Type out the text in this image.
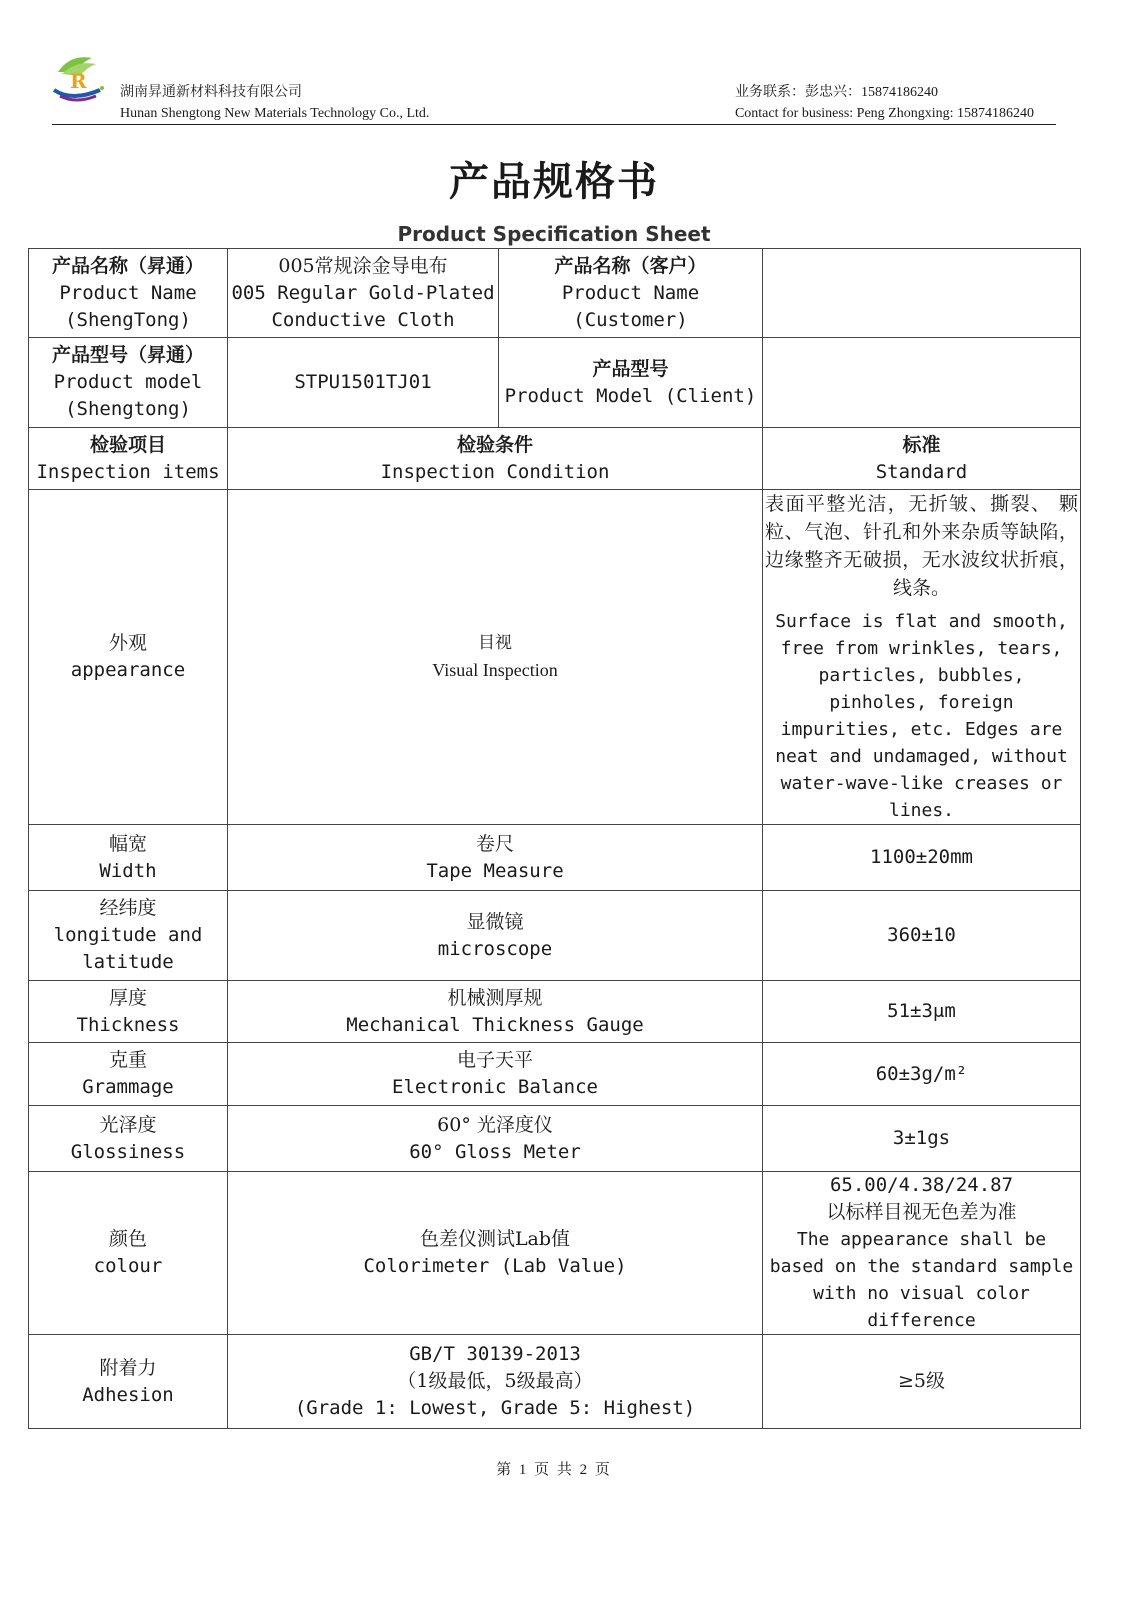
R 湖南昇通新材料科技有限公司
Hunan Shengtong New Materials Technology Co., Ltd.
业务联系：彭忠兴：15874186240
Contact for business: Peng Zhongxing: 15874186240
产品规格书
Product Specification Sheet
产品名称（昇通）
Product Name (ShengTong)	005常规涂金导电布
005 Regular Gold-Plated Conductive Cloth	产品名称（客户）
Product Name (Customer)	

产品型号（昇通）
Product model (Shengtong)	STPU1501TJ01	产品型号
Product Model (Client)	

检验项目
Inspection items	检验条件
Inspection Condition		标准
Standard

外观
appearance	目视
Visual Inspection		表面平整光洁，无折皱、撕裂、 颗粒、气泡、针孔和外来杂质等缺陷， 边缘整齐无破损，无水波纹状折痕，线条。
Surface is flat and smooth, free from wrinkles, tears, particles, bubbles, pinholes, foreign impurities, etc. Edges are neat and undamaged, without water-wave-like creases or lines.

幅宽
Width	卷尺
Tape Measure		1100±20mm

经纬度
longitude and latitude	显微镜
microscope		360±10

厚度
Thickness	机械测厚规
Mechanical Thickness Gauge		51±3μm

克重
Grammage	电子天平
Electronic Balance		60±3g/m²

光泽度
Glossiness	60° 光泽度仪
60° Gloss Meter		3±1gs

颜色
colour	色差仪测试Lab值
Colorimeter (Lab Value)		65.00/4.38/24.87
以标样目视无色差为准
The appearance shall be based on the standard sample with no visual color difference

附着力
Adhesion	GB/T 30139-2013
（1级最低，5级最高）
(Grade 1: Lowest, Grade 5: Highest)		≥5级
第 1 页 共 2 页
